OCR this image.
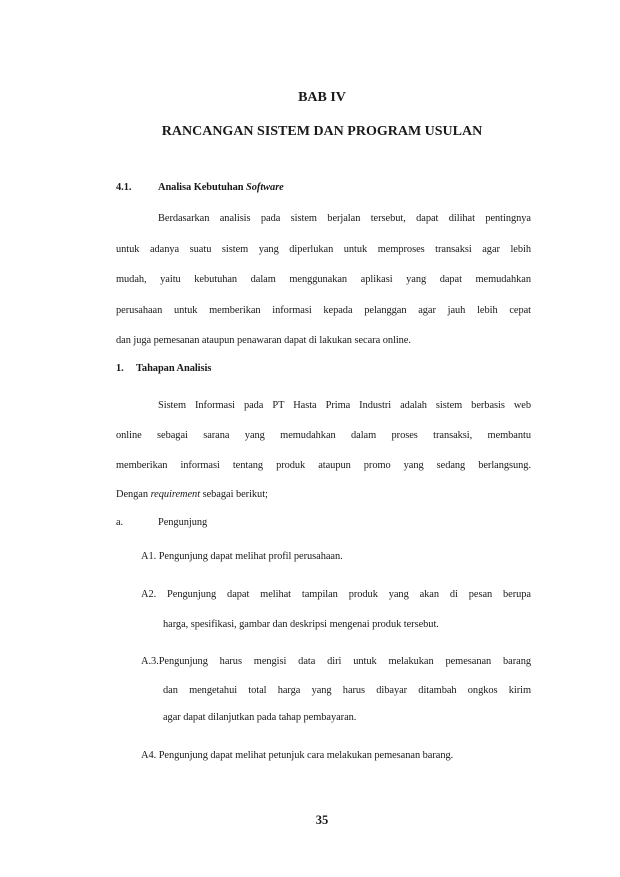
BAB IV
RANCANGAN SISTEM DAN PROGRAM USULAN
4.1.	Analisa Kebutuhan Software
Berdasarkan analisis pada sistem berjalan tersebut, dapat dilihat pentingnya
untuk adanya suatu sistem yang diperlukan untuk memproses transaksi agar lebih
mudah, yaitu kebutuhan dalam menggunakan aplikasi yang dapat memudahkan
perusahaan untuk memberikan informasi kepada pelanggan agar jauh lebih cepat
dan juga pemesanan ataupun penawaran dapat di lakukan secara online.
1. Tahapan Analisis
Sistem Informasi pada PT Hasta Prima Industri adalah sistem berbasis web
online sebagai sarana yang memudahkan dalam proses transaksi, membantu
memberikan informasi tentang produk ataupun promo yang sedang berlangsung.
Dengan requirement sebagai berikut;
a.	Pengunjung
A1. Pengunjung dapat melihat profil perusahaan.
A2. Pengunjung dapat melihat tampilan produk yang akan di pesan berupa
harga, spesifikasi, gambar dan deskripsi mengenai produk tersebut.
A.3.Pengunjung harus mengisi data diri untuk melakukan pemesanan barang
dan mengetahui total harga yang harus dibayar ditambah ongkos kirim
agar dapat dilanjutkan pada tahap pembayaran.
A4. Pengunjung dapat melihat petunjuk cara melakukan pemesanan barang.
35
